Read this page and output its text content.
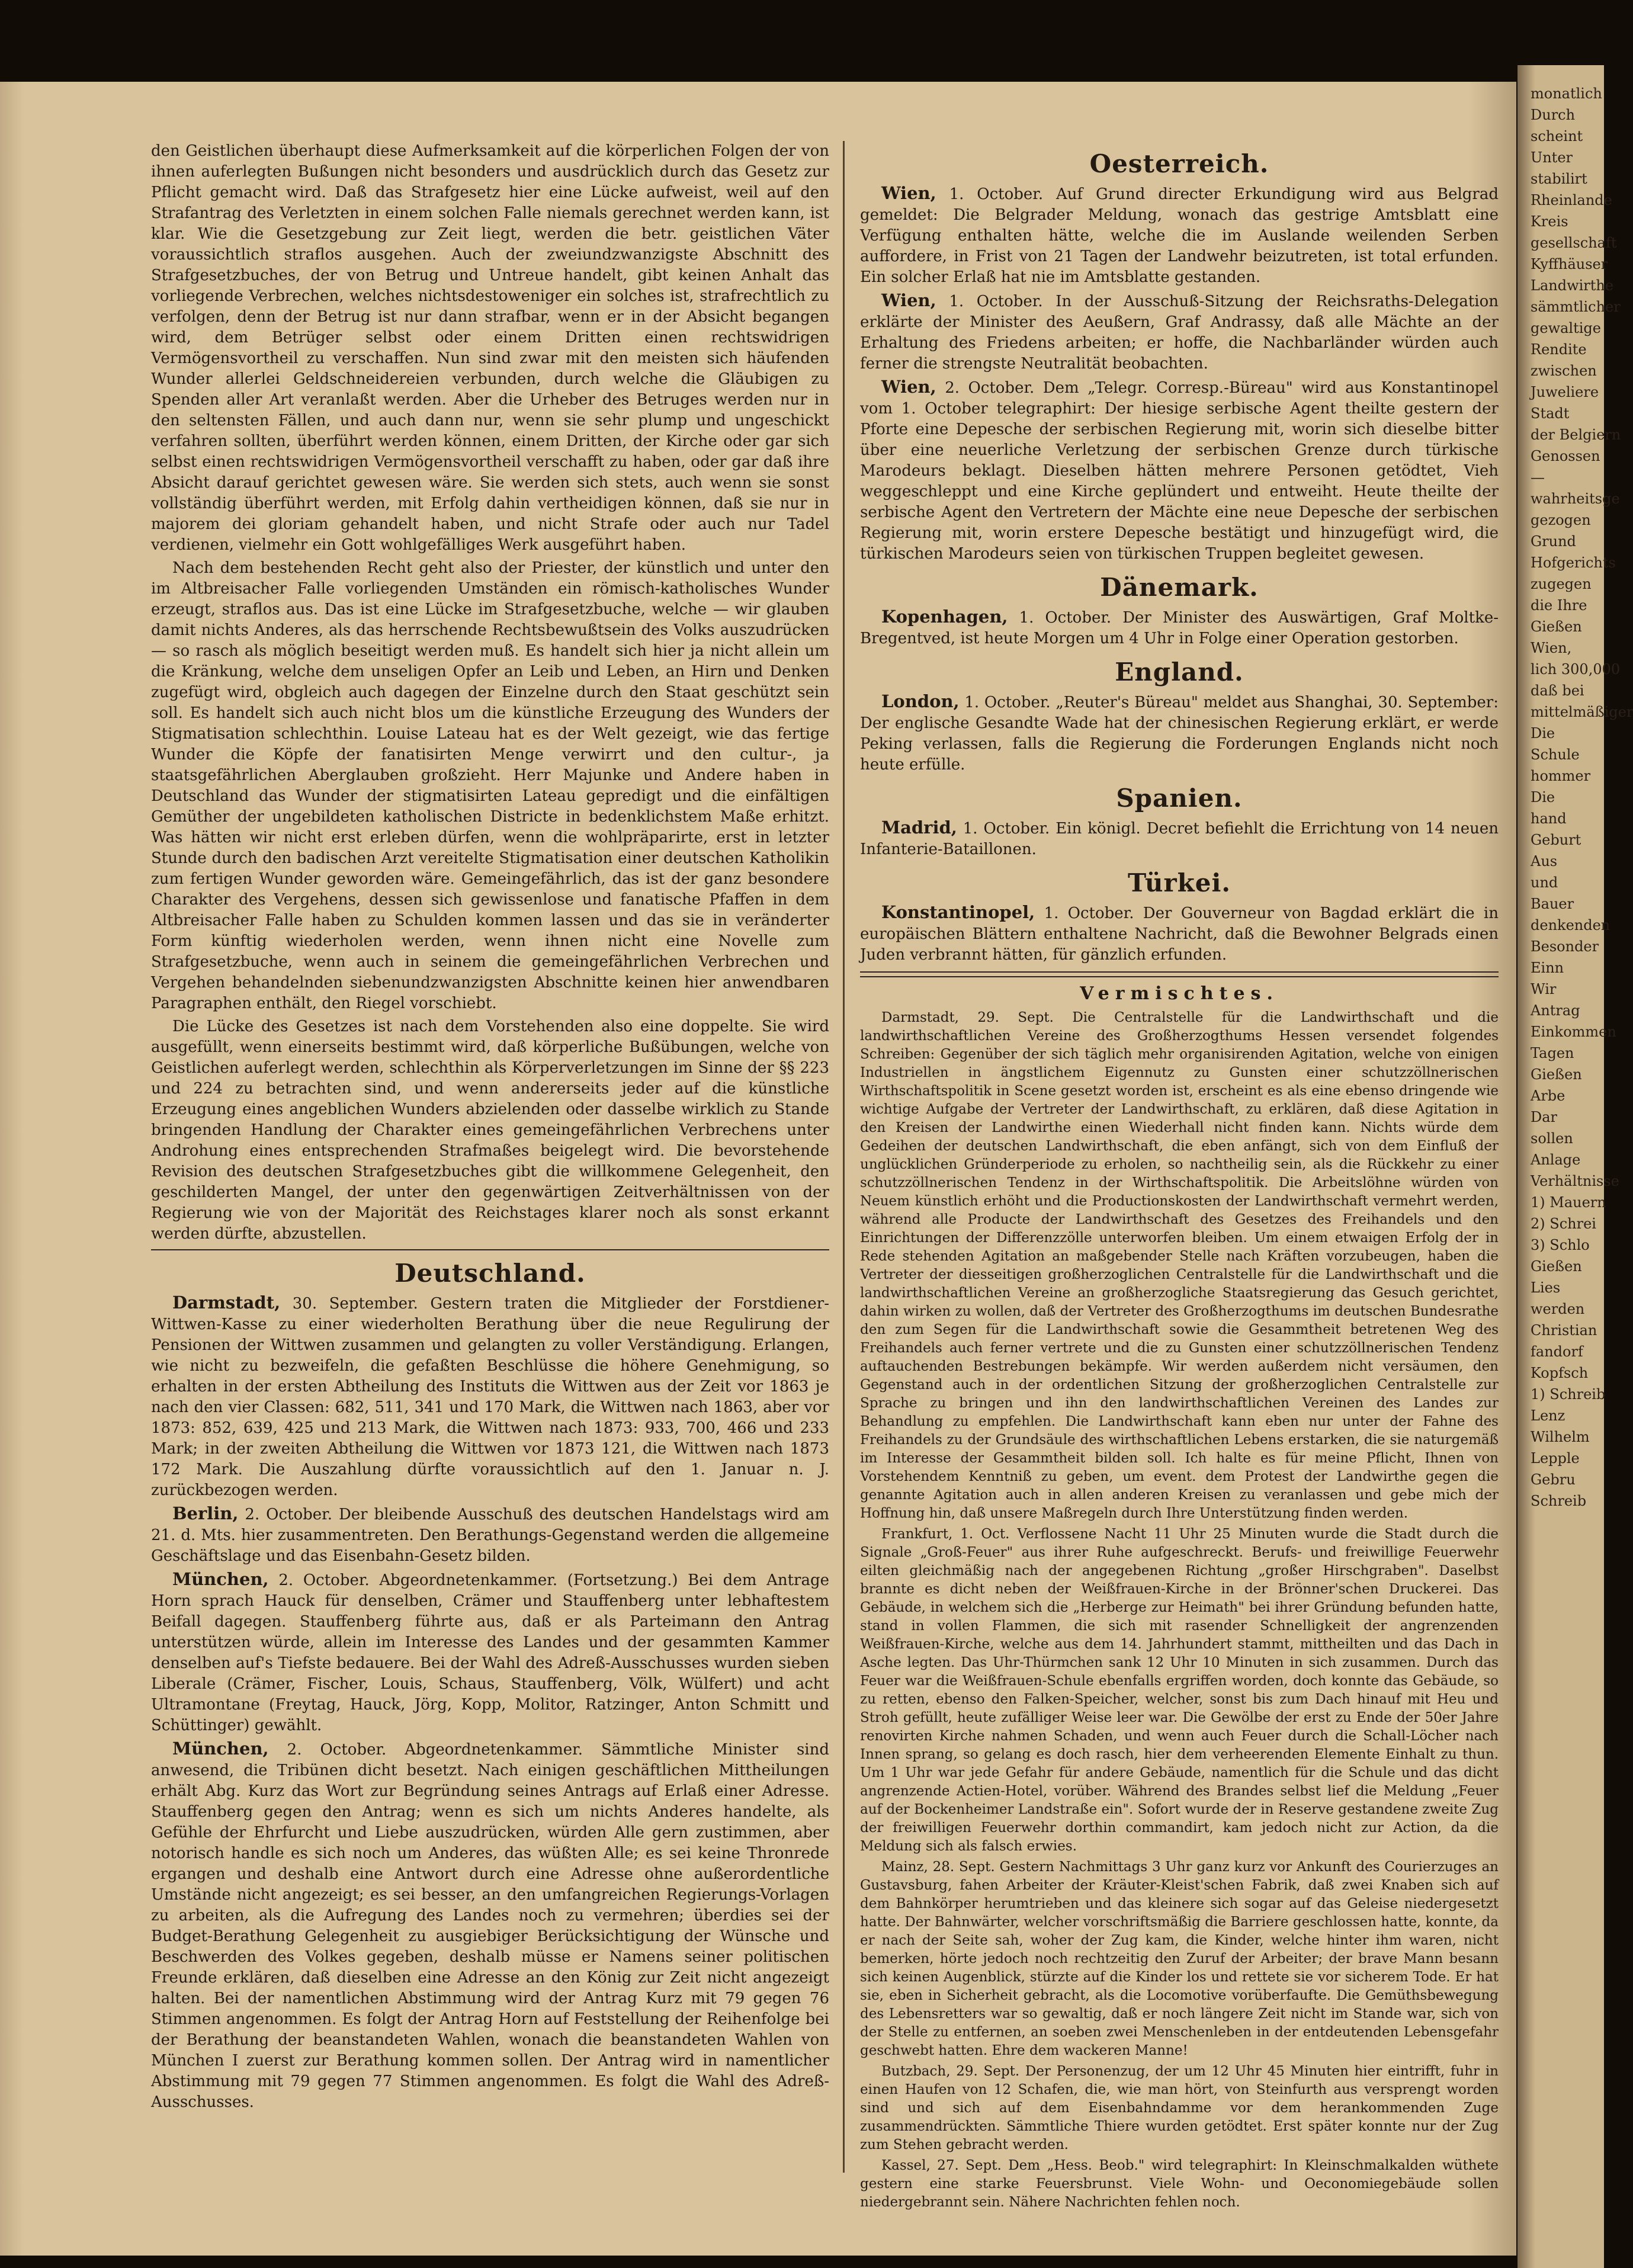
den Geistlichen überhaupt diese Aufmerksamkeit auf die körperlichen Folgen der von ihnen auferlegten Bußungen nicht besonders und ausdrücklich durch das Gesetz zur Pflicht gemacht wird. Daß das Strafgesetz hier eine Lücke aufweist, weil auf den Strafantrag des Verletzten in einem solchen Falle niemals gerechnet werden kann, ist klar. Wie die Gesetzgebung zur Zeit liegt, werden die betr. geistlichen Väter voraussichtlich straflos ausgehen. Auch der zweiundzwanzigste Abschnitt des Strafgesetzbuches, der von Betrug und Untreue handelt, gibt keinen Anhalt das vorliegende Verbrechen, welches nichtsdestoweniger ein solches ist, strafrechtlich zu verfolgen, denn der Betrug ist nur dann strafbar, wenn er in der Absicht begangen wird, dem Betrüger selbst oder einem Dritten einen rechtswidrigen Vermögensvortheil zu verschaffen. Nun sind zwar mit den meisten sich häufenden Wunder allerlei Geldschneidereien verbunden, durch welche die Gläubigen zu Spenden aller Art veranlaßt werden. Aber die Urheber des Betruges werden nur in den seltensten Fällen, und auch dann nur, wenn sie sehr plump und ungeschickt verfahren sollten, überführt werden können, einem Dritten, der Kirche oder gar sich selbst einen rechtswidrigen Vermögensvortheil verschafft zu haben, oder gar daß ihre Absicht darauf gerichtet gewesen wäre. Sie werden sich stets, auch wenn sie sonst vollständig überführt werden, mit Erfolg dahin vertheidigen können, daß sie nur in majorem dei gloriam gehandelt haben, und nicht Strafe oder auch nur Tadel verdienen, vielmehr ein Gott wohlgefälliges Werk ausgeführt haben.

Nach dem bestehenden Recht geht also der Priester, der künstlich und unter den im Altbreisacher Falle vorliegenden Umständen ein römisch-katholisches Wunder erzeugt, straflos aus. Das ist eine Lücke im Strafgesetzbuche, welche — wir glauben damit nichts Anderes, als das herrschende Rechtsbewußtsein des Volks auszudrücken — so rasch als möglich beseitigt werden muß. Es handelt sich hier ja nicht allein um die Kränkung, welche dem unseligen Opfer an Leib und Leben, an Hirn und Denken zugefügt wird, obgleich auch dagegen der Einzelne durch den Staat geschützt sein soll. Es handelt sich auch nicht blos um die künstliche Erzeugung des Wunders der Stigmatisation schlechthin. Louise Lateau hat es der Welt gezeigt, wie das fertige Wunder die Köpfe der fanatisirten Menge verwirrt und den cultur-, ja staatsgefährlichen Aberglauben großzieht. Herr Majunke und Andere haben in Deutschland das Wunder der stigmatisirten Lateau gepredigt und die einfältigen Gemüther der ungebildeten katholischen Districte in bedenklichstem Maße erhitzt. Was hätten wir nicht erst erleben dürfen, wenn die wohlpräparirte, erst in letzter Stunde durch den badischen Arzt vereitelte Stigmatisation einer deutschen Katholikin zum fertigen Wunder geworden wäre. Gemeingefährlich, das ist der ganz besondere Charakter des Vergehens, dessen sich gewissenlose und fanatische Pfaffen in dem Altbreisacher Falle haben zu Schulden kommen lassen und das sie in veränderter Form künftig wiederholen werden, wenn ihnen nicht eine Novelle zum Strafgesetzbuche, wenn auch in seinem die gemeingefährlichen Verbrechen und Vergehen behandelnden siebenundzwanzigsten Abschnitte keinen hier anwendbaren Paragraphen enthält, den Riegel vorschiebt.

Die Lücke des Gesetzes ist nach dem Vorstehenden also eine doppelte. Sie wird ausgefüllt, wenn einerseits bestimmt wird, daß körperliche Bußübungen, welche von Geistlichen auferlegt werden, schlechthin als Körperverletzungen im Sinne der §§ 223 und 224 zu betrachten sind, und wenn andererseits jeder auf die künstliche Erzeugung eines angeblichen Wunders abzielenden oder dasselbe wirklich zu Stande bringenden Handlung der Charakter eines gemeingefährlichen Verbrechens unter Androhung eines entsprechenden Strafmaßes beigelegt wird. Die bevorstehende Revision des deutschen Strafgesetzbuches gibt die willkommene Gelegenheit, den geschilderten Mangel, der unter den gegenwärtigen Zeitverhältnissen von der Regierung wie von der Majorität des Reichstages klarer noch als sonst erkannt werden dürfte, abzustellen.

Deutschland.

Darmstadt, 30. September. Gestern traten die Mitglieder der Forstdiener-Wittwen-Kasse zu einer wiederholten Berathung über die neue Regulirung der Pensionen der Wittwen zusammen und gelangten zu voller Verständigung. Erlangen, wie nicht zu bezweifeln, die gefaßten Beschlüsse die höhere Genehmigung, so erhalten in der ersten Abtheilung des Instituts die Wittwen aus der Zeit vor 1863 je nach den vier Classen: 682, 511, 341 und 170 Mark, die Wittwen nach 1863, aber vor 1873: 852, 639, 425 und 213 Mark, die Wittwen nach 1873: 933, 700, 466 und 233 Mark; in der zweiten Abtheilung die Wittwen vor 1873 121, die Wittwen nach 1873 172 Mark. Die Auszahlung dürfte voraussichtlich auf den 1. Januar n. J. zurückbezogen werden.

Berlin, 2. October. Der bleibende Ausschuß des deutschen Handelstags wird am 21. d. Mts. hier zusammentreten. Den Berathungs-Gegenstand werden die allgemeine Geschäftslage und das Eisenbahn-Gesetz bilden.

München, 2. October. Abgeordnetenkammer. (Fortsetzung.) Bei dem Antrage Horn sprach Hauck für denselben, Crämer und Stauffenberg unter lebhaftestem Beifall dagegen. Stauffenberg führte aus, daß er als Parteimann den Antrag unterstützen würde, allein im Interesse des Landes und der gesammten Kammer denselben auf's Tiefste bedauere. Bei der Wahl des Adreß-Ausschusses wurden sieben Liberale (Crämer, Fischer, Louis, Schaus, Stauffenberg, Völk, Wülfert) und acht Ultramontane (Freytag, Hauck, Jörg, Kopp, Molitor, Ratzinger, Anton Schmitt und Schüttinger) gewählt.

München, 2. October. Abgeordnetenkammer. Sämmtliche Minister sind anwesend, die Tribünen dicht besetzt. Nach einigen geschäftlichen Mittheilungen erhält Abg. Kurz das Wort zur Begründung seines Antrags auf Erlaß einer Adresse. Stauffenberg gegen den Antrag; wenn es sich um nichts Anderes handelte, als Gefühle der Ehrfurcht und Liebe auszudrücken, würden Alle gern zustimmen, aber notorisch handle es sich noch um Anderes, das wüßten Alle; es sei keine Thronrede ergangen und deshalb eine Antwort durch eine Adresse ohne außerordentliche Umstände nicht angezeigt; es sei besser, an den umfangreichen Regierungs-Vorlagen zu arbeiten, als die Aufregung des Landes noch zu vermehren; überdies sei der Budget-Berathung Gelegenheit zu ausgiebiger Berücksichtigung der Wünsche und Beschwerden des Volkes gegeben, deshalb müsse er Namens seiner politischen Freunde erklären, daß dieselben eine Adresse an den König zur Zeit nicht angezeigt halten. Bei der namentlichen Abstimmung wird der Antrag Kurz mit 79 gegen 76 Stimmen angenommen. Es folgt der Antrag Horn auf Feststellung der Reihenfolge bei der Berathung der beanstandeten Wahlen, wonach die beanstandeten Wahlen von München I zuerst zur Berathung kommen sollen. Der Antrag wird in namentlicher Abstimmung mit 79 gegen 77 Stimmen angenommen. Es folgt die Wahl des Adreß-Ausschusses.

Oesterreich.

Wien, 1. October. Auf Grund directer Erkundigung wird aus Belgrad gemeldet: Die Belgrader Meldung, wonach das gestrige Amtsblatt eine Verfügung enthalten hätte, welche die im Auslande weilenden Serben auffordere, in Frist von 21 Tagen der Landwehr beizutreten, ist total erfunden. Ein solcher Erlaß hat nie im Amtsblatte gestanden.

Wien, 1. October. In der Ausschuß-Sitzung der Reichsraths-Delegation erklärte der Minister des Aeußern, Graf Andrassy, daß alle Mächte an der Erhaltung des Friedens arbeiten; er hoffe, die Nachbarländer würden auch ferner die strengste Neutralität beobachten.

Wien, 2. October. Dem „Telegr. Corresp.-Büreau" wird aus Konstantinopel vom 1. October telegraphirt: Der hiesige serbische Agent theilte gestern der Pforte eine Depesche der serbischen Regierung mit, worin sich dieselbe bitter über eine neuerliche Verletzung der serbischen Grenze durch türkische Marodeurs beklagt. Dieselben hätten mehrere Personen getödtet, Vieh weggeschleppt und eine Kirche geplündert und entweiht. Heute theilte der serbische Agent den Vertretern der Mächte eine neue Depesche der serbischen Regierung mit, worin erstere Depesche bestätigt und hinzugefügt wird, die türkischen Marodeurs seien von türkischen Truppen begleitet gewesen.

Dänemark.

Kopenhagen, 1. October. Der Minister des Auswärtigen, Graf Moltke-Bregentved, ist heute Morgen um 4 Uhr in Folge einer Operation gestorben.

England.

London, 1. October. „Reuter's Büreau" meldet aus Shanghai, 30. September: Der englische Gesandte Wade hat der chinesischen Regierung erklärt, er werde Peking verlassen, falls die Regierung die Forderungen Englands nicht noch heute erfülle.

Spanien.

Madrid, 1. October. Ein königl. Decret befiehlt die Errichtung von 14 neuen Infanterie-Bataillonen.

Türkei.

Konstantinopel, 1. October. Der Gouverneur von Bagdad erklärt die in europäischen Blättern enthaltene Nachricht, daß die Bewohner Belgrads einen Juden verbrannt hätten, für gänzlich erfunden.

Vermischtes.

Darmstadt, 29. Sept. Die Centralstelle für die Landwirthschaft und die landwirthschaftlichen Vereine des Großherzogthums Hessen versendet folgendes Schreiben: Gegenüber der sich täglich mehr organisirenden Agitation, welche von einigen Industriellen in ängstlichem Eigennutz zu Gunsten einer schutzzöllnerischen Wirthschaftspolitik in Scene gesetzt worden ist, erscheint es als eine ebenso dringende wie wichtige Aufgabe der Vertreter der Landwirthschaft, zu erklären, daß diese Agitation in den Kreisen der Landwirthe einen Wiederhall nicht finden kann. Nichts würde dem Gedeihen der deutschen Landwirthschaft, die eben anfängt, sich von dem Einfluß der unglücklichen Gründerperiode zu erholen, so nachtheilig sein, als die Rückkehr zu einer schutzzöllnerischen Tendenz in der Wirthschaftspolitik. Die Arbeitslöhne würden von Neuem künstlich erhöht und die Productionskosten der Landwirthschaft vermehrt werden, während alle Producte der Landwirthschaft des Gesetzes des Freihandels und den Einrichtungen der Differenzzölle unterworfen bleiben. Um einem etwaigen Erfolg der in Rede stehenden Agitation an maßgebender Stelle nach Kräften vorzubeugen, haben die Vertreter der diesseitigen großherzoglichen Centralstelle für die Landwirthschaft und die landwirthschaftlichen Vereine an großherzogliche Staatsregierung das Gesuch gerichtet, dahin wirken zu wollen, daß der Vertreter des Großherzogthums im deutschen Bundesrathe den zum Segen für die Landwirthschaft sowie die Gesammtheit betretenen Weg des Freihandels auch ferner vertrete und die zu Gunsten einer schutzzöllnerischen Tendenz auftauchenden Bestrebungen bekämpfe. Wir werden außerdem nicht versäumen, den Gegenstand auch in der ordentlichen Sitzung der großherzoglichen Centralstelle zur Sprache zu bringen und ihn den landwirthschaftlichen Vereinen des Landes zur Behandlung zu empfehlen. Die Landwirthschaft kann eben nur unter der Fahne des Freihandels zu der Grundsäule des wirthschaftlichen Lebens erstarken, die sie naturgemäß im Interesse der Gesammtheit bilden soll. Ich halte es für meine Pflicht, Ihnen von Vorstehendem Kenntniß zu geben, um event. dem Protest der Landwirthe gegen die genannte Agitation auch in allen anderen Kreisen zu veranlassen und gebe mich der Hoffnung hin, daß unsere Maßregeln durch Ihre Unterstützung finden werden.

Frankfurt, 1. Oct. Verflossene Nacht 11 Uhr 25 Minuten wurde die Stadt durch die Signale „Groß-Feuer" aus ihrer Ruhe aufgeschreckt. Berufs- und freiwillige Feuerwehr eilten gleichmäßig nach der angegebenen Richtung „großer Hirschgraben". Daselbst brannte es dicht neben der Weißfrauen-Kirche in der Brönner'schen Druckerei. Das Gebäude, in welchem sich die „Herberge zur Heimath" bei ihrer Gründung befunden hatte, stand in vollen Flammen, die sich mit rasender Schnelligkeit der angrenzenden Weißfrauen-Kirche, welche aus dem 14. Jahrhundert stammt, mittheilten und das Dach in Asche legten. Das Uhr-Thürmchen sank 12 Uhr 10 Minuten in sich zusammen. Durch das Feuer war die Weißfrauen-Schule ebenfalls ergriffen worden, doch konnte das Gebäude, so zu retten, ebenso den Falken-Speicher, welcher, sonst bis zum Dach hinauf mit Heu und Stroh gefüllt, heute zufälliger Weise leer war. Die Gewölbe der erst zu Ende der 50er Jahre renovirten Kirche nahmen Schaden, und wenn auch Feuer durch die Schall-Löcher nach Innen sprang, so gelang es doch rasch, hier dem verheerenden Elemente Einhalt zu thun. Um 1 Uhr war jede Gefahr für andere Gebäude, namentlich für die Schule und das dicht angrenzende Actien-Hotel, vorüber. Während des Brandes selbst lief die Meldung „Feuer auf der Bockenheimer Landstraße ein". Sofort wurde der in Reserve gestandene zweite Zug der freiwilligen Feuerwehr dorthin commandirt, kam jedoch nicht zur Action, da die Meldung sich als falsch erwies.

Mainz, 28. Sept. Gestern Nachmittags 3 Uhr ganz kurz vor Ankunft des Courierzuges an Gustavsburg, fahen Arbeiter der Kräuter-Kleist'schen Fabrik, daß zwei Knaben sich auf dem Bahnkörper herumtrieben und das kleinere sich sogar auf das Geleise niedergesetzt hatte. Der Bahnwärter, welcher vorschriftsmäßig die Barriere geschlossen hatte, konnte, da er nach der Seite sah, woher der Zug kam, die Kinder, welche hinter ihm waren, nicht bemerken, hörte jedoch noch rechtzeitig den Zuruf der Arbeiter; der brave Mann besann sich keinen Augenblick, stürzte auf die Kinder los und rettete sie vor sicherem Tode. Er hat sie, eben in Sicherheit gebracht, als die Locomotive vorüberfaufte. Die Gemüthsbewegung des Lebensretters war so gewaltig, daß er noch längere Zeit nicht im Stande war, sich von der Stelle zu entfernen, an soeben zwei Menschenleben in der entdeutenden Lebensgefahr geschwebt hatten. Ehre dem wackeren Manne!

Butzbach, 29. Sept. Der Personenzug, der um 12 Uhr 45 Minuten hier eintrifft, fuhr in einen Haufen von 12 Schafen, die, wie man hört, von Steinfurth aus versprengt worden sind und sich auf dem Eisenbahndamme vor dem herankommenden Zuge zusammendrückten. Sämmtliche Thiere wurden getödtet. Erst später konnte nur der Zug zum Stehen gebracht werden.

Kassel, 27. Sept. Dem „Hess. Beob." wird telegraphirt: In Kleinschmalkalden wüthete gestern eine starke Feuersbrunst. Viele Wohn- und Oeconomiegebäude sollen niedergebrannt sein. Nähere Nachrichten fehlen noch.

monatlich
Durch
scheint
Unter
stabilirt
Rheinlande
Kreis
gesellschaft
Kyffhäuser
Landwirthe
sämmtlicher
gewaltige
Rendite
zwischen
Juweliere
Stadt
der Belgiern
Genossen
—
wahrheitsge
gezogen
Grund
Hofgerichts
zugegen
die Ihre
Gießen
Wien,
lich 300,000
daß bei
mittelmäßiger
Die
Schule
hommer
Die
hand
Geburt
Aus
und
Bauer
denkenden
Besonder
Einn
Wir
Antrag
Einkommen
Tagen
Gießen
Arbe
Dar
sollen
Anlage
Verhältnisse
1) Mauern
2) Schrei
3) Schlo
Gießen
Lies
werden
Christian
fandorf
Kopfsch
1) Schreib
Lenz
Wilhelm
Lepple
Gebru
Schreib
